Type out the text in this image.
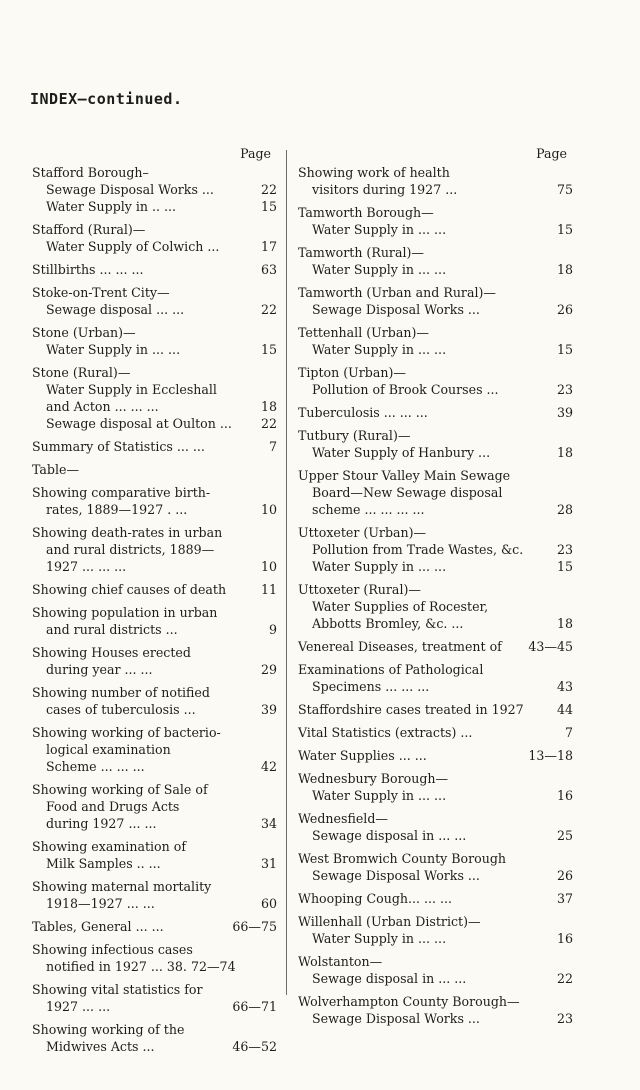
INDEX—continued.
Page
Stafford Borough–
Sewage Disposal Works ...	22
Water Supply in .. ...	15
Stafford (Rural)—
Water Supply of Colwich ...	17
Stillbirths ... ... ...	63
Stoke-on-Trent City—
Sewage disposal ... ...	22
Stone (Urban)—
Water Supply in ... ...	15
Stone (Rural)—
Water Supply in Eccleshall
and Acton ... ... ...	18
Sewage disposal at Oulton ... 22
Summary of Statistics ... ...	7
Table—
Showing comparative birth-
rates, 1889—1927 . ...	10
Showing death-rates in urban
and rural districts, 1889—
1927 ... ... ...	10
Showing chief causes of death	11
Showing population in urban
and rural districts ...	9
Showing Houses erected
during year ... ...	29
Showing number of notified
cases of tuberculosis ...	39
Showing working of bacterio-
logical examination
Scheme ... ... ...	42
Showing working of Sale of
Food and Drugs Acts
during 1927 ... ...	34
Showing examination of
Milk Samples .. ...	31
Showing maternal mortality
1918—1927 ... ...	60
Tables, General ... ...	66—75
Showing infectious cases
notified in 1927 ... 38. 72—74
Showing vital statistics for
1927 ... ...	66—71
Showing working of the
Midwives Acts ...	46—52
Page
Showing work of health
visitors during 1927 ...	75
Tamworth Borough—
Water Supply in ... ...	15
Tamworth (Rural)—
Water Supply in ... ...	18
Tamworth (Urban and Rural)—
Sewage Disposal Works ...	26
Tettenhall (Urban)—
Water Supply in ... ...	15
Tipton (Urban)—
Pollution of Brook Courses ...	23
Tuberculosis ... ... ...	39
Tutbury (Rural)—
Water Supply of Hanbury ...	18
Upper Stour Valley Main Sewage
Board—New Sewage disposal
scheme ... ... ... ...	28
Uttoxeter (Urban)—
Pollution from Trade Wastes, &c.	23
Water Supply in ... ...	15
Uttoxeter (Rural)—
Water Supplies of Rocester,
Abbotts Bromley, &c. ...	18
Venereal Diseases, treatment of 43—45
Examinations of Pathological
Specimens ... ... ...	43
Staffordshire cases treated in 1927	44
Vital Statistics (extracts) ...	7
Water Supplies ... ...	13—18
Wednesbury Borough—
Water Supply in ... ...	16
Wednesfield—
Sewage disposal in ... ...	25
West Bromwich County Borough
Sewage Disposal Works ...	26
Whooping Cough... ... ...	37
Willenhall (Urban District)—
Water Supply in ... ...	16
Wolstanton—
Sewage disposal in ... ...	22
Wolverhampton County Borough—
Sewage Disposal Works ...	23
